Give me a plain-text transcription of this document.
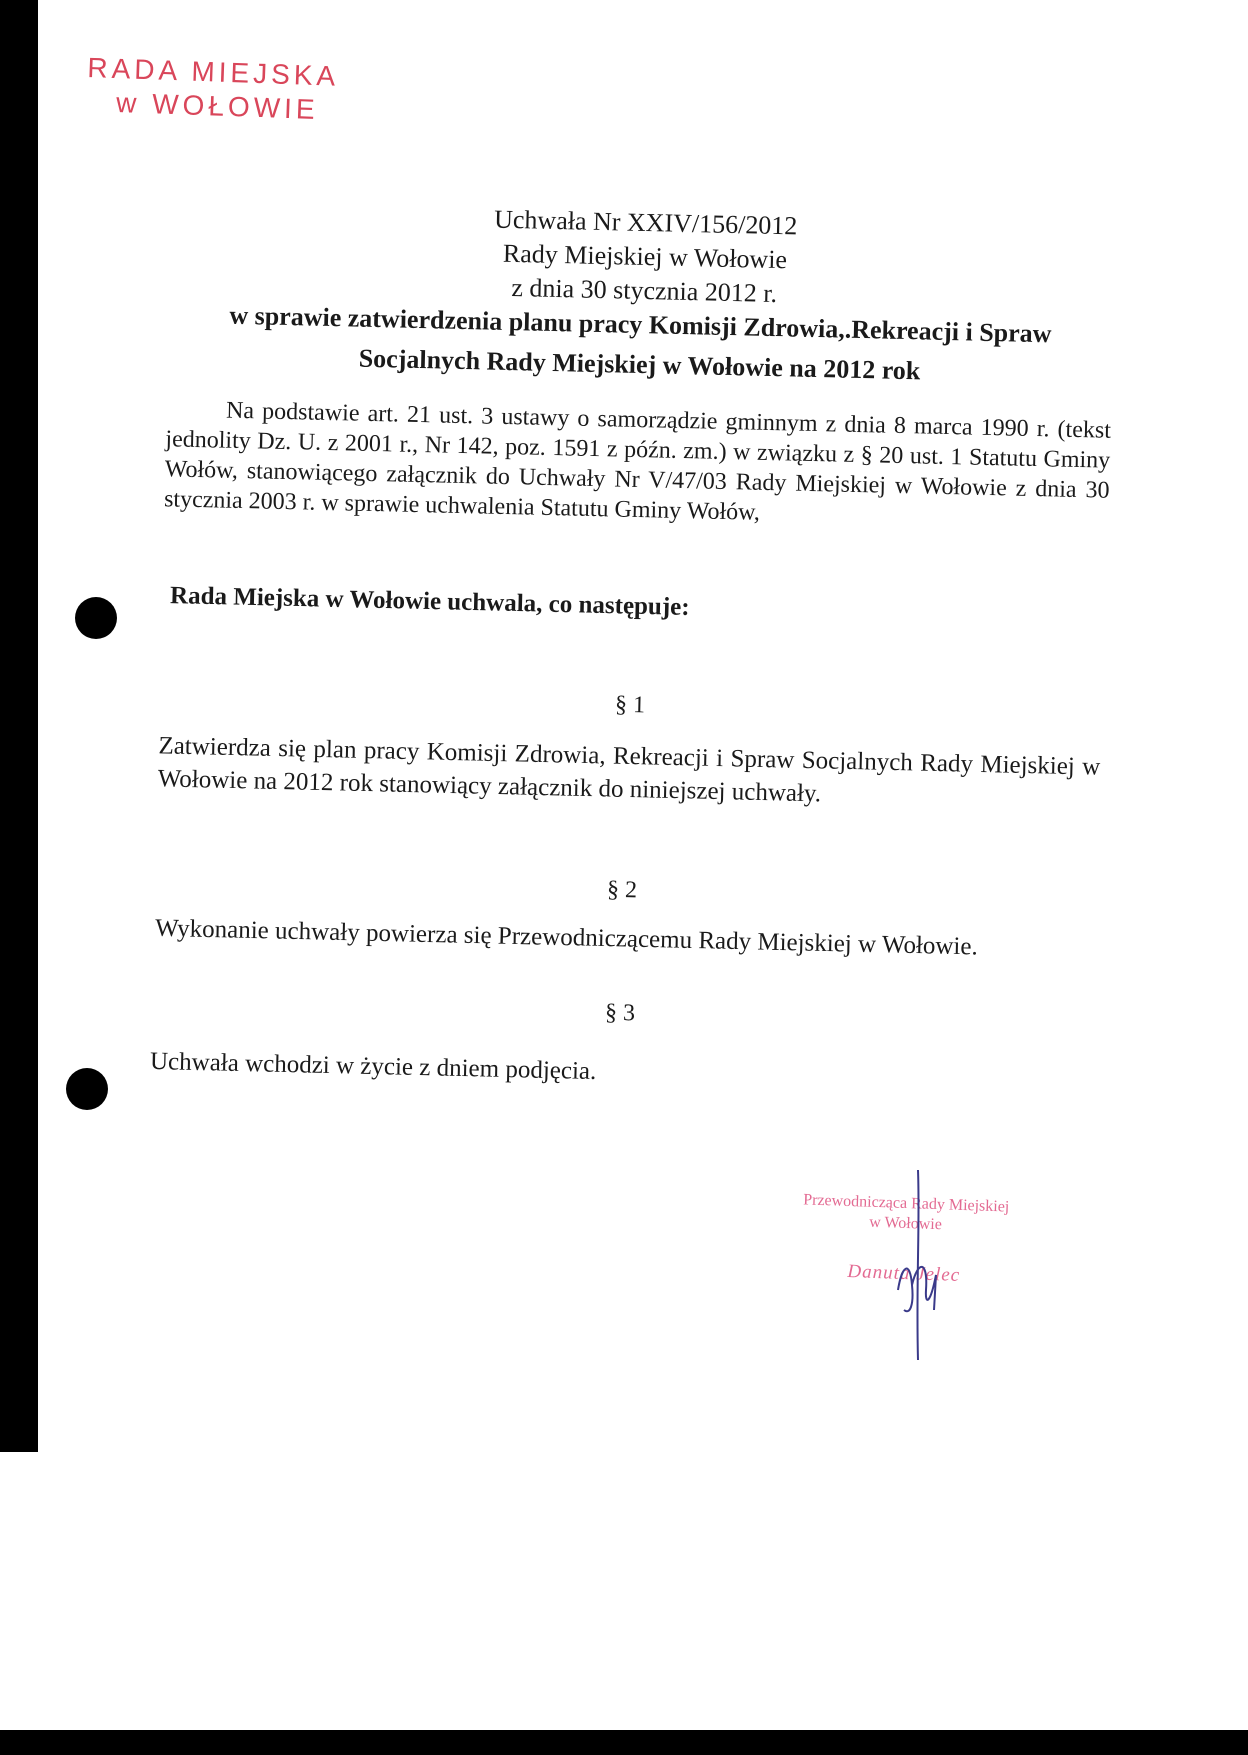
RADA MIEJSKA
w WOŁOWIE
Uchwała Nr XXIV/156/2012
Rady Miejskiej w Wołowie
z dnia 30 stycznia 2012 r.
w sprawie zatwierdzenia planu pracy Komisji Zdrowia,.Rekreacji i Spraw
Socjalnych Rady Miejskiej w Wołowie na 2012 rok
Na podstawie art. 21 ust. 3 ustawy o samorządzie gminnym z dnia 8 marca 1990 r. (tekst jednolity Dz. U. z 2001 r., Nr 142, poz. 1591 z późn. zm.) w związku z § 20 ust. 1 Statutu Gminy Wołów, stanowiącego załącznik do Uchwały Nr V/47/03 Rady Miejskiej w Wołowie z dnia 30 stycznia 2003 r. w sprawie uchwalenia Statutu Gminy Wołów,
Rada Miejska w Wołowie uchwala, co następuje:
§ 1
Zatwierdza się plan pracy Komisji Zdrowia, Rekreacji i Spraw Socjalnych Rady Miejskiej w Wołowie na 2012 rok stanowiący załącznik do niniejszej uchwały.
§ 2
Wykonanie uchwały powierza się Przewodniczącemu Rady Miejskiej w Wołowie.
§ 3
Uchwała wchodzi w życie z dniem podjęcia.
Przewodnicząca Rady Miejskiej
w Wołowie
Danuta Jelec
